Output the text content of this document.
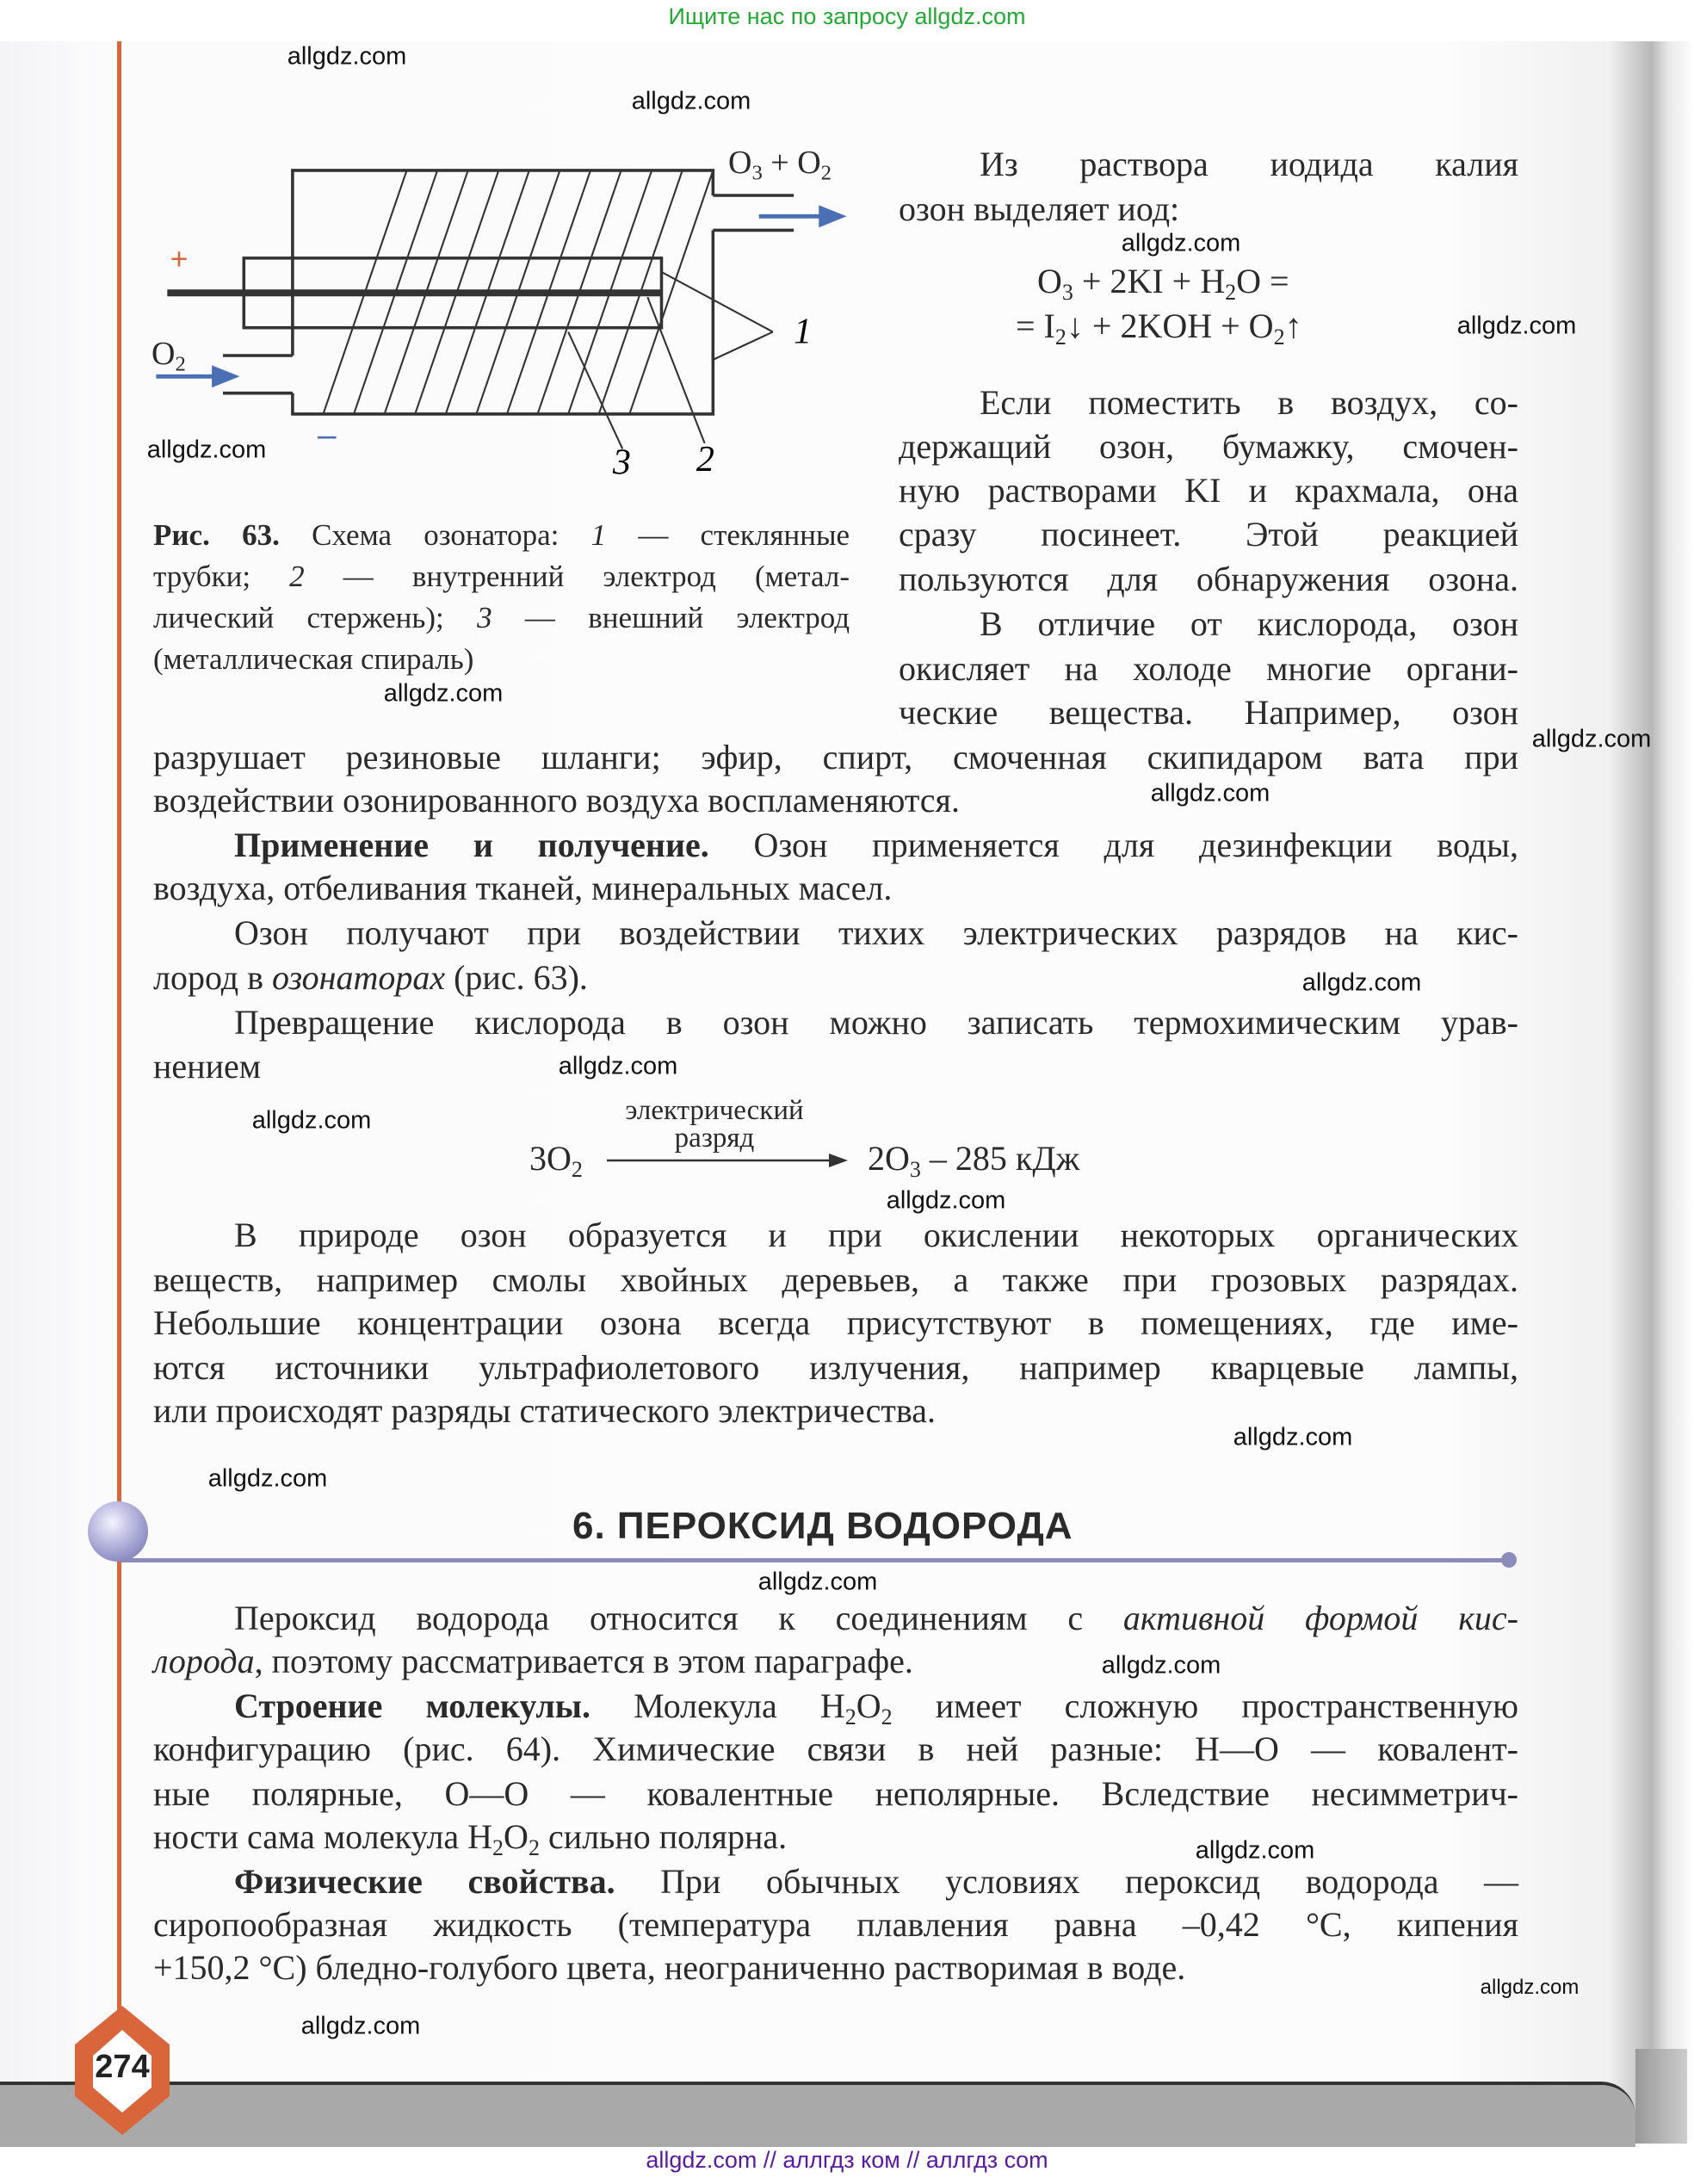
Ищите нас по запросу allgdz.com
+
–
1
2
3
$O_3 + O_2$
$O_2$
Рис. 63. Схема озонатора: 1 — стеклянные
трубки; 2 — внутренний электрод (метал-
лический стержень); 3 — внешний электрод
(металлическая спираль)
Из раствора иодида калия
озон выделяет иод:
$O_3 + 2KI + H_2O$ =
= $I_2↓ + 2KOH$ + $O_2↑$
Если поместить в воздух, со-
держащий озон, бумажку, смочен-
ную растворами KI и крахмала, она
сразу посинеет. Этой реакцией
пользуются для обнаружения озона.
В отличие от кислорода, озон
окисляет на холоде многие органи-
ческие вещества. Например, озон
разрушает резиновые шланги; эфир, спирт, смоченная скипидаром вата при
воздействии озонированного воздуха воспламеняются.
Применение и получение. Озон применяется для дезинфекции воды,
воздуха, отбеливания тканей, минеральных масел.
Озон получают при воздействии тихих электрических разрядов на кис-
лород в озонаторах (рис. 63).
Превращение кислорода в озон можно записать термохимическим урав-
нением
электрический
разряд
$3O_2$	$2O_3 - 285$ кДж
В природе озон образуется и при окислении некоторых органических
веществ, например смолы хвойных деревьев, а также при грозовых разрядах.
Небольшие концентрации озона всегда присутствуют в помещениях, где име-
ются источники ультрафиолетового излучения, например кварцевые лампы,
или происходят разряды статического электричества.
6. ПЕРОКСИД ВОДОРОДА
Пероксид водорода относится к соединениям с активной формой кис-
лорода, поэтому рассматривается в этом параграфе.
Строение молекулы. Молекула $H_2O_2$ имеет сложную пространственную
конфигурацию (рис. 64). Химические связи в ней разные: H—O — ковалент-
ные полярные, O—O — ковалентные неполярные. Вследствие несимметрич-
ности сама молекула $H_2O_2$ сильно полярна.
Физические свойства. При обычных условиях пероксид водорода —
сиропообразная жидкость (температура плавления равна –0,42 °C, кипения
+150,2 °C) бледно-голубого цвета, неограниченно растворимая в воде.
274
allgdz.com
allgdz.com
allgdz.com
allgdz.com
allgdz.com
allgdz.com
allgdz.com
allgdz.com
allgdz.com
allgdz.com
allgdz.com
allgdz.com
allgdz.com
allgdz.com
allgdz.com
allgdz.com
allgdz.com
allgdz.com
allgdz.com
allgdz.com // аллгдз ком // аллгдз com
